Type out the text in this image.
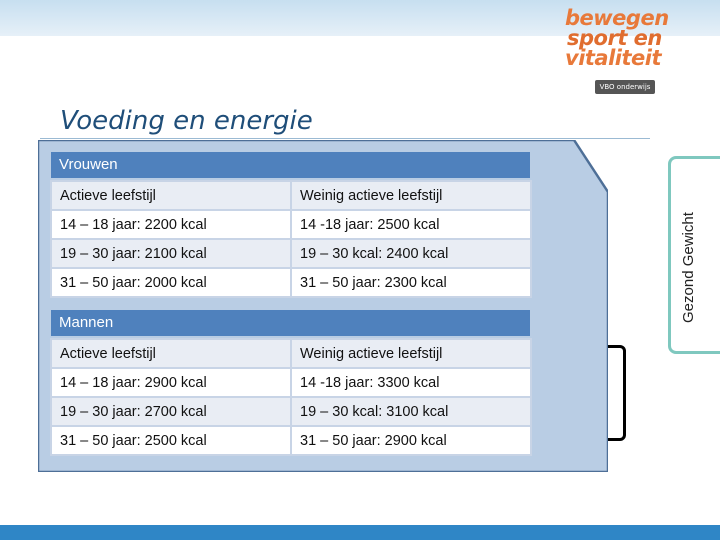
bewegen
sport en
vitaliteit
VBO onderwijs
Voeding en energie
Gezond Gewicht
Vrouwen
Actieve leefstijl	Weinig actieve leefstijl
14 – 18 jaar: 2200 kcal	14 -18 jaar: 2500 kcal
19 – 30 jaar: 2100 kcal	19 – 30 kcal: 2400 kcal
31 – 50 jaar: 2000 kcal	31 – 50 jaar: 2300 kcal
Mannen
Actieve leefstijl	Weinig actieve leefstijl
14 – 18 jaar: 2900 kcal	14 -18 jaar: 3300 kcal
19 – 30 jaar: 2700 kcal	19 – 30 kcal: 3100 kcal
31 – 50 jaar: 2500 kcal	31 – 50 jaar: 2900 kcal
